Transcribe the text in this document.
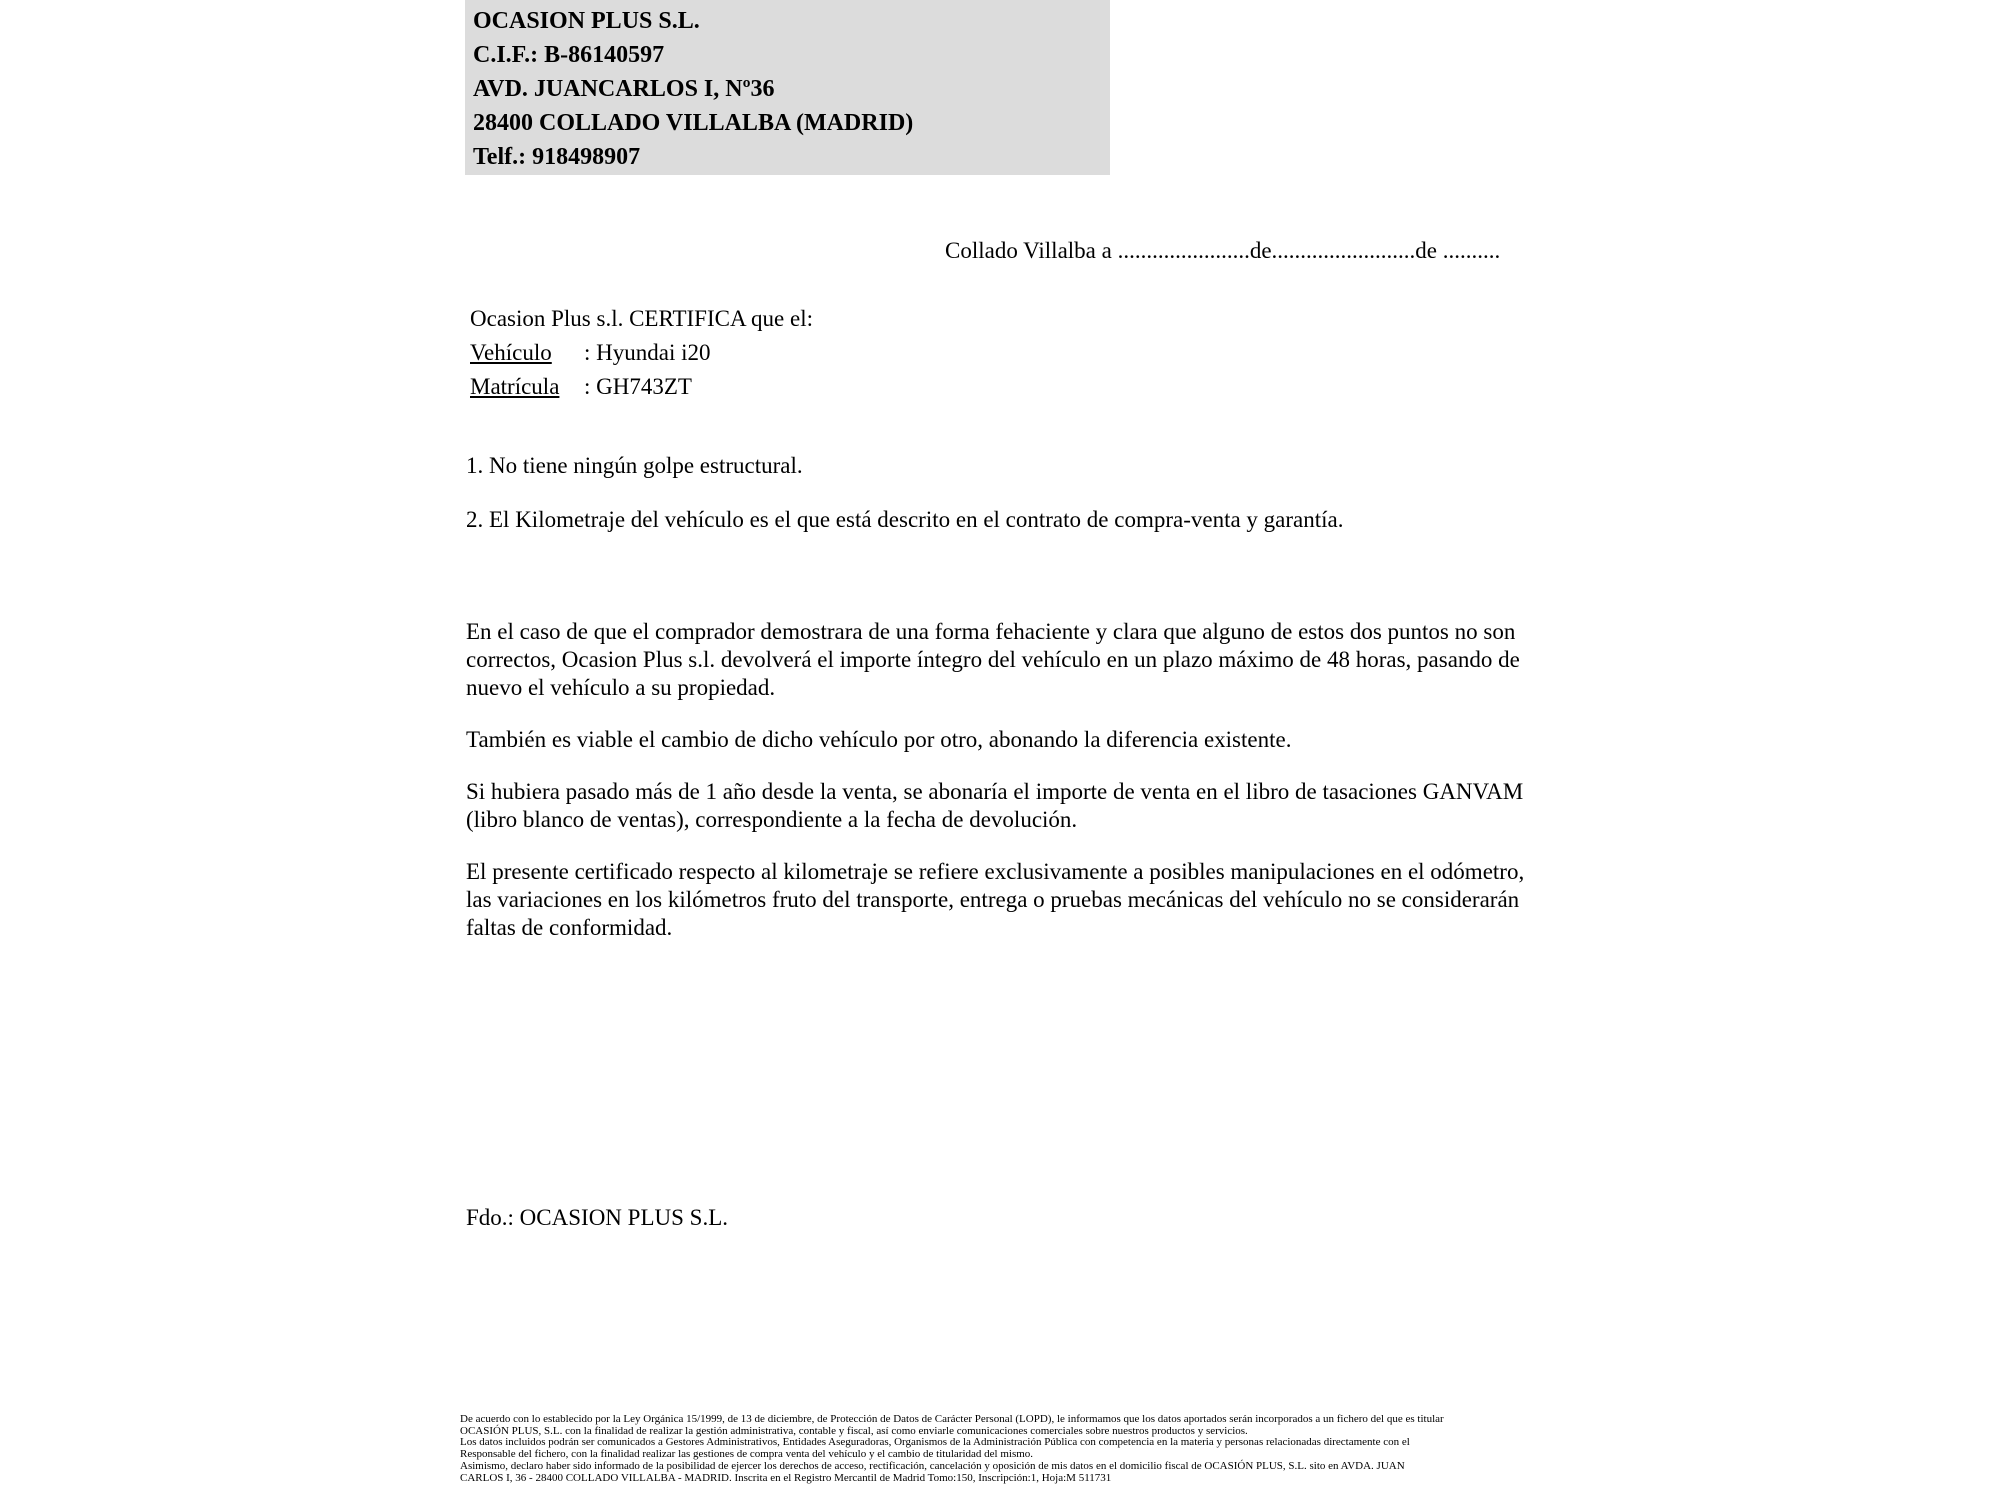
OCASION PLUS S.L.
C.I.F.: B-86140597
AVD. JUANCARLOS I, Nº36
28400 COLLADO VILLALBA (MADRID)
Telf.: 918498907
Collado Villalba a .......................de.........................de ..........
Ocasion Plus s.l. CERTIFICA que el:
Vehículo : Hyundai i20
Matrícula : GH743ZT
1. No tiene ningún golpe estructural.
2. El Kilometraje del vehículo es el que está descrito en el contrato de compra-venta y garantía.

En el caso de que el comprador demostrara de una forma fehaciente y clara que alguno de estos dos puntos no son correctos, Ocasion Plus s.l. devolverá el importe íntegro del vehículo en un plazo máximo de 48 horas, pasando de nuevo el vehículo a su propiedad.

También es viable el cambio de dicho vehículo por otro, abonando la diferencia existente.

Si hubiera pasado más de 1 año desde la venta, se abonaría el importe de venta en el libro de tasaciones GANVAM (libro blanco de ventas), correspondiente a la fecha de devolución.

El presente certificado respecto al kilometraje se refiere exclusivamente a posibles manipulaciones en el odómetro, las variaciones en los kilómetros fruto del transporte, entrega o pruebas mecánicas del vehículo no se considerarán faltas de conformidad.

Fdo.: OCASION PLUS S.L.
De acuerdo con lo establecido por la Ley Orgánica 15/1999, de 13 de diciembre, de Protección de Datos de Carácter Personal (LOPD), le informamos que los datos aportados serán incorporados a un fichero del que es titular
OCASIÓN PLUS, S.L. con la finalidad de realizar la gestión administrativa, contable y fiscal, así como enviarle comunicaciones comerciales sobre nuestros productos y servicios.
Los datos incluidos podrán ser comunicados a Gestores Administrativos, Entidades Aseguradoras, Organismos de la Administración Pública con competencia en la materia y personas relacionadas directamente con el
Responsable del fichero, con la finalidad realizar las gestiones de compra venta del vehículo y el cambio de titularidad del mismo.
Asimismo, declaro haber sido informado de la posibilidad de ejercer los derechos de acceso, rectificación, cancelación y oposición de mis datos en el domicilio fiscal de OCASIÓN PLUS, S.L. sito en AVDA. JUAN
CARLOS I, 36 - 28400 COLLADO VILLALBA - MADRID. Inscrita en el Registro Mercantil de Madrid Tomo:150, Inscripción:1, Hoja:M 511731
